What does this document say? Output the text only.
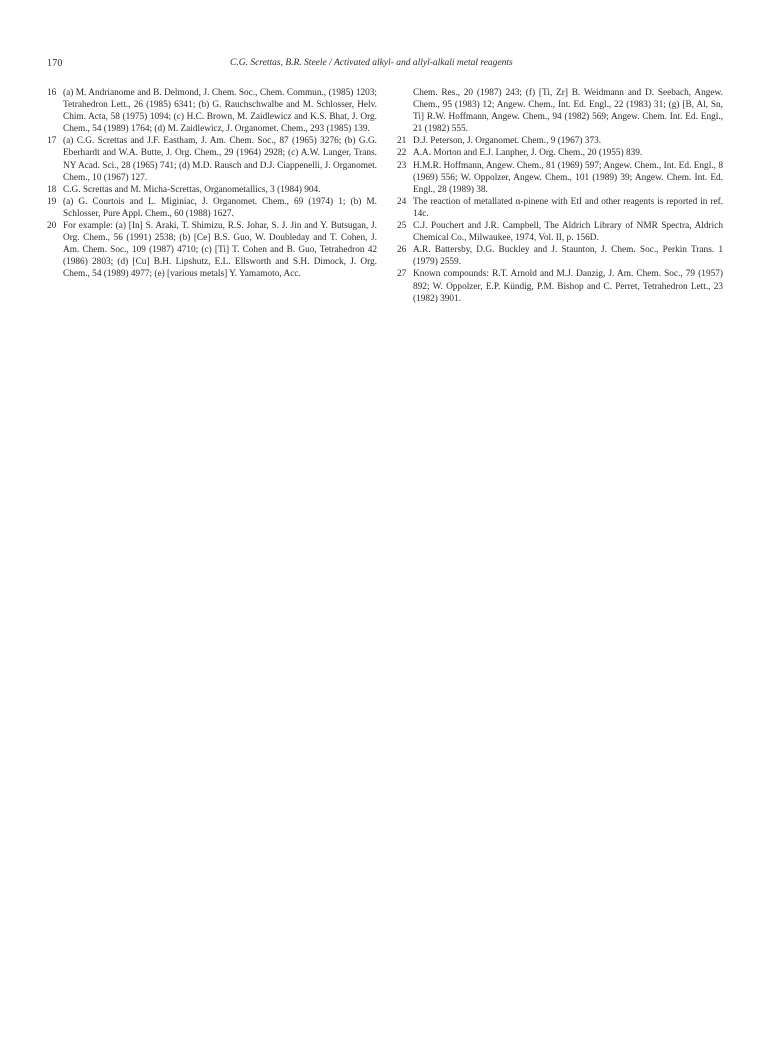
170	C.G. Screttas, B.R. Steele / Activated alkyl- and allyl-alkali metal reagents
16 (a) M. Andrianome and B. Delmond, J. Chem. Soc., Chem. Commun., (1985) 1203; Tetrahedron Lett., 26 (1985) 6341; (b) G. Rauchschwalbe and M. Schlosser, Helv. Chim. Acta, 58 (1975) 1094; (c) H.C. Brown, M. Zaidlewicz and K.S. Bhat, J. Org. Chem., 54 (1989) 1764; (d) M. Zaidlewicz, J. Organomet. Chem., 293 (1985) 139.
17 (a) C.G. Screttas and J.F. Eastham, J. Am. Chem. Soc., 87 (1965) 3276; (b) G.G. Eberhardt and W.A. Butte, J. Org. Chem., 29 (1964) 2928; (c) A.W. Langer, Trans. NY Acad. Sci., 28 (1965) 741; (d) M.D. Rausch and D.J. Ciappenelli, J. Organomet. Chem., 10 (1967) 127.
18 C.G. Screttas and M. Micha-Screttas, Organometallics, 3 (1984) 904.
19 (a) G. Courtois and L. Miginiac, J. Organomet. Chem., 69 (1974) 1; (b) M. Schlosser, Pure Appl. Chem., 60 (1988) 1627.
20 For example: (a) [In] S. Araki, T. Shimizu, R.S. Johar, S. J. Jin and Y. Butsugan, J. Org. Chem., 56 (1991) 2538; (b) [Ce] B.S. Guo, W. Doubleday and T. Cohen, J. Am. Chem. Soc., 109 (1987) 4710; (c) [Ti] T. Cohen and B. Guo, Tetrahedron 42 (1986) 2803; (d) [Cu] B.H. Lipshutz, E.L. Ellsworth and S.H. Dimock, J. Org. Chem., 54 (1989) 4977; (e) [various metals] Y. Yamamoto, Acc.
Chem. Res., 20 (1987) 243; (f) [Ti, Zr] B. Weidmann and D. Seebach, Angew. Chem., 95 (1983) 12; Angew. Chem., Int. Ed. Engl., 22 (1983) 31; (g) [B, Al, Sn, Ti] R.W. Hoffmann, Angew. Chem., 94 (1982) 569; Angew. Chem. Int. Ed. Engl., 21 (1982) 555.
21 D.J. Peterson, J. Organomet. Chem., 9 (1967) 373.
22 A.A. Morton and E.J. Lanpher, J. Org. Chem., 20 (1955) 839.
23 H.M.R. Hoffmann, Angew. Chem., 81 (1969) 597; Angew. Chem., Int. Ed. Engl., 8 (1969) 556; W. Oppolzer, Angew. Chem., 101 (1989) 39; Angew. Chem. Int. Ed. Engl., 28 (1989) 38.
24 The reaction of metallated α-pinene with EtI and other reagents is reported in ref. 14c.
25 C.J. Pouchert and J.R. Campbell, The Aldrich Library of NMR Spectra, Aldrich Chemical Co., Milwaukee, 1974, Vol. II, p. 156D.
26 A.R. Battersby, D.G. Buckley and J. Staunton, J. Chem. Soc., Perkin Trans. 1 (1979) 2559.
27 Known compounds: R.T. Arnold and M.J. Danzig, J. Am. Chem. Soc., 79 (1957) 892; W. Oppolzer, E.P. Kündig, P.M. Bishop and C. Perret, Tetrahedron Lett., 23 (1982) 3901.
